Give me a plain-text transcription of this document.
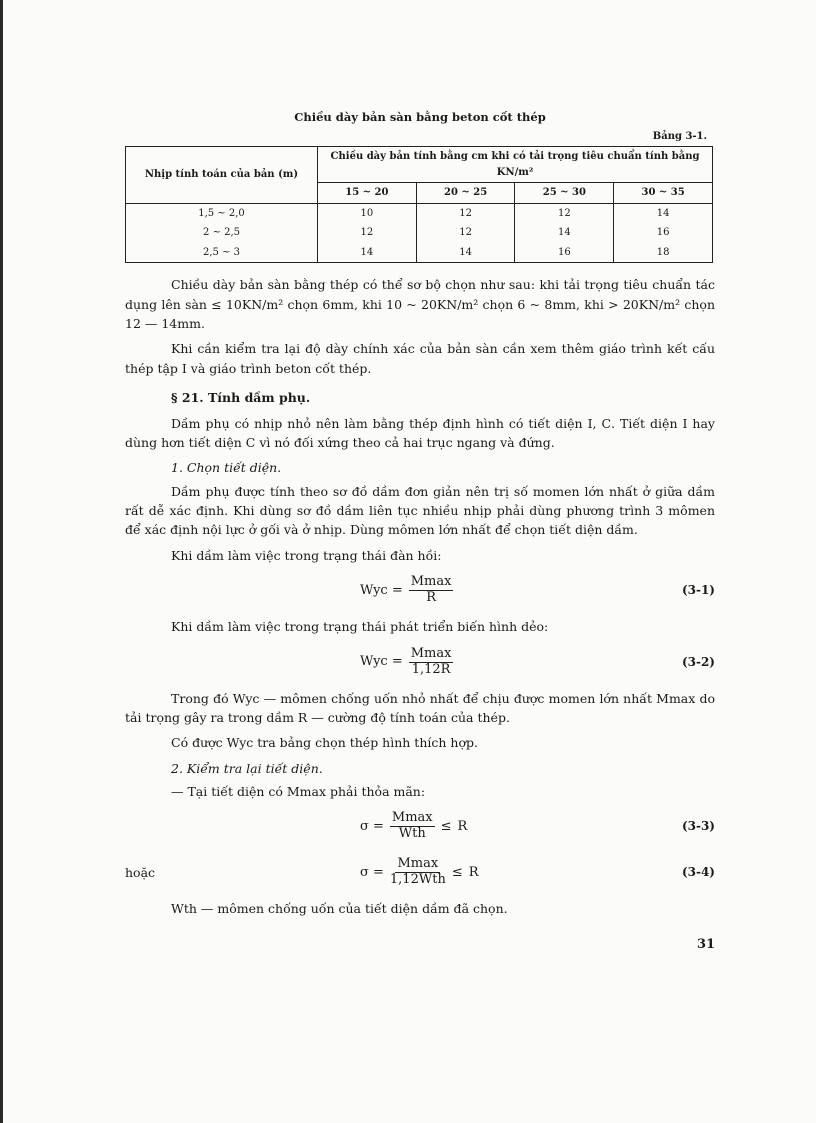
Chiều dày bản sàn bằng beton cốt thép
Bảng 3-1.
Nhịp tính toán của bản (m)	Chiều dày bản tính bằng cm khi có tải trọng tiêu chuẩn tính bằng KN/m²			
	15 ~ 20	20 ~ 25	25 ~ 30	30 ~ 35
1,5 ~ 2,0	10	12	12	14
2 ~ 2,5	12	12	14	16
2,5 ~ 3	14	14	16	18

Chiều dày bản sàn bằng thép có thể sơ bộ chọn như sau: khi tải trọng tiêu chuẩn tác dụng lên sàn ≤ 10KN/m² chọn 6mm, khi 10 ~ 20KN/m² chọn 6 ~ 8mm, khi > 20KN/m² chọn 12 — 14mm.

Khi cần kiểm tra lại độ dày chính xác của bản sàn cần xem thêm giáo trình kết cấu thép tập I và giáo trình beton cốt thép.

§ 21. Tính dầm phụ.

Dầm phụ có nhịp nhỏ nên làm bằng thép định hình có tiết diện I, Ⅽ. Tiết diện I hay dùng hơn tiết diện Ⅽ vì nó đối xứng theo cả hai trục ngang và đứng.

1. Chọn tiết diện.

Dầm phụ được tính theo sơ đồ dầm đơn giản nên trị số momen lớn nhất ở giữa dầm rất dễ xác định. Khi dùng sơ đồ dầm liên tục nhiều nhịp phải dùng phương trình 3 mômen để xác định nội lực ở gối và ở nhịp. Dùng mômen lớn nhất để chọn tiết diện dầm.

Khi dầm làm việc trong trạng thái đàn hồi:

Wyc = $\frac{Mmax}{R}$	(3-1)

Khi dầm làm việc trong trạng thái phát triển biến hình dẻo:

Wyc = $\frac{Mmax}{1,12R}$	(3-2)

Trong đó Wyc — mômen chống uốn nhỏ nhất để chịu được momen lớn nhất Mmax do tải trọng gây ra trong dầm R — cường độ tính toán của thép.

Có được Wyc tra bảng chọn thép hình thích hợp.

2. Kiểm tra lại tiết diện.

— Tại tiết diện có Mmax phải thỏa mãn:

$\sigma = \frac{Mmax}{\text{Wth}} \le R$	(3-3)
hoặc	$\sigma = \frac{Mmax}{\text{1,12Wth}} \le R$	(3-4)

Wth — mômen chống uốn của tiết diện dầm đã chọn.

31
